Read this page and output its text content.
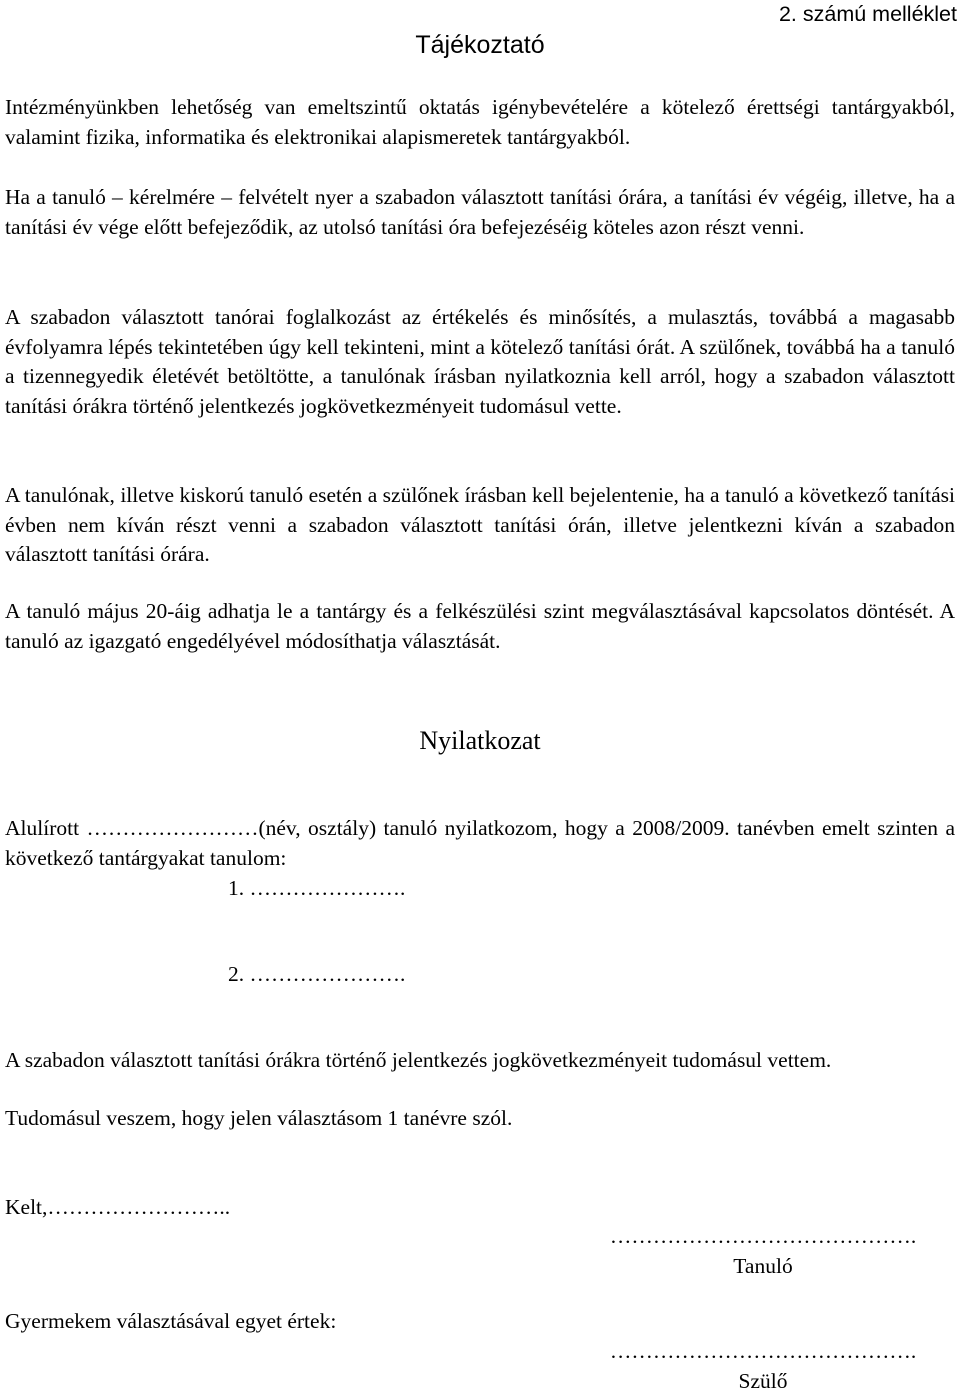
2. számú melléklet
Tájékoztató

Intézményünkben lehetőség van emeltszintű oktatás igénybevételére a kötelező érettségi tantárgyakból, valamint fizika, informatika és elektronikai alapismeretek tantárgyakból.

Ha a tanuló – kérelmére – felvételt nyer a szabadon választott tanítási órára, a tanítási év végéig, illetve, ha a tanítási év vége előtt befejeződik, az utolsó tanítási óra befejezéséig köteles azon részt venni.

A szabadon választott tanórai foglalkozást az értékelés és minősítés, a mulasztás, továbbá a magasabb évfolyamra lépés tekintetében úgy kell tekinteni, mint a kötelező tanítási órát. A szülőnek, továbbá ha a tanuló a tizennegyedik életévét betöltötte, a tanulónak írásban nyilatkoznia kell arról, hogy a szabadon választott tanítási órákra történő jelentkezés jogkövetkezményeit tudomásul vette.

A tanulónak, illetve kiskorú tanuló esetén a szülőnek írásban kell bejelentenie, ha a tanuló a következő tanítási évben nem kíván részt venni a szabadon választott tanítási órán, illetve jelentkezni kíván a szabadon választott tanítási órára.

A tanuló május 20-áig adhatja le a tantárgy és a felkészülési szint megválasztásával kapcsolatos döntését. A tanuló az igazgató engedélyével módosíthatja választását.

Nyilatkozat

Alulírott ……………………(név, osztály) tanuló nyilatkozom, hogy a 2008/2009. tanévben emelt szinten a következő tantárgyakat tanulom:

1. ………………….

2. ………………….

A szabadon választott tanítási órákra történő jelentkezés jogkövetkezményeit tudomásul vettem.

Tudomásul veszem, hogy jelen választásom 1 tanévre szól.

Kelt,……………………..

…………………………………….
Tanuló

Gyermekem választásával egyet értek:

…………………………………….
Szülő
